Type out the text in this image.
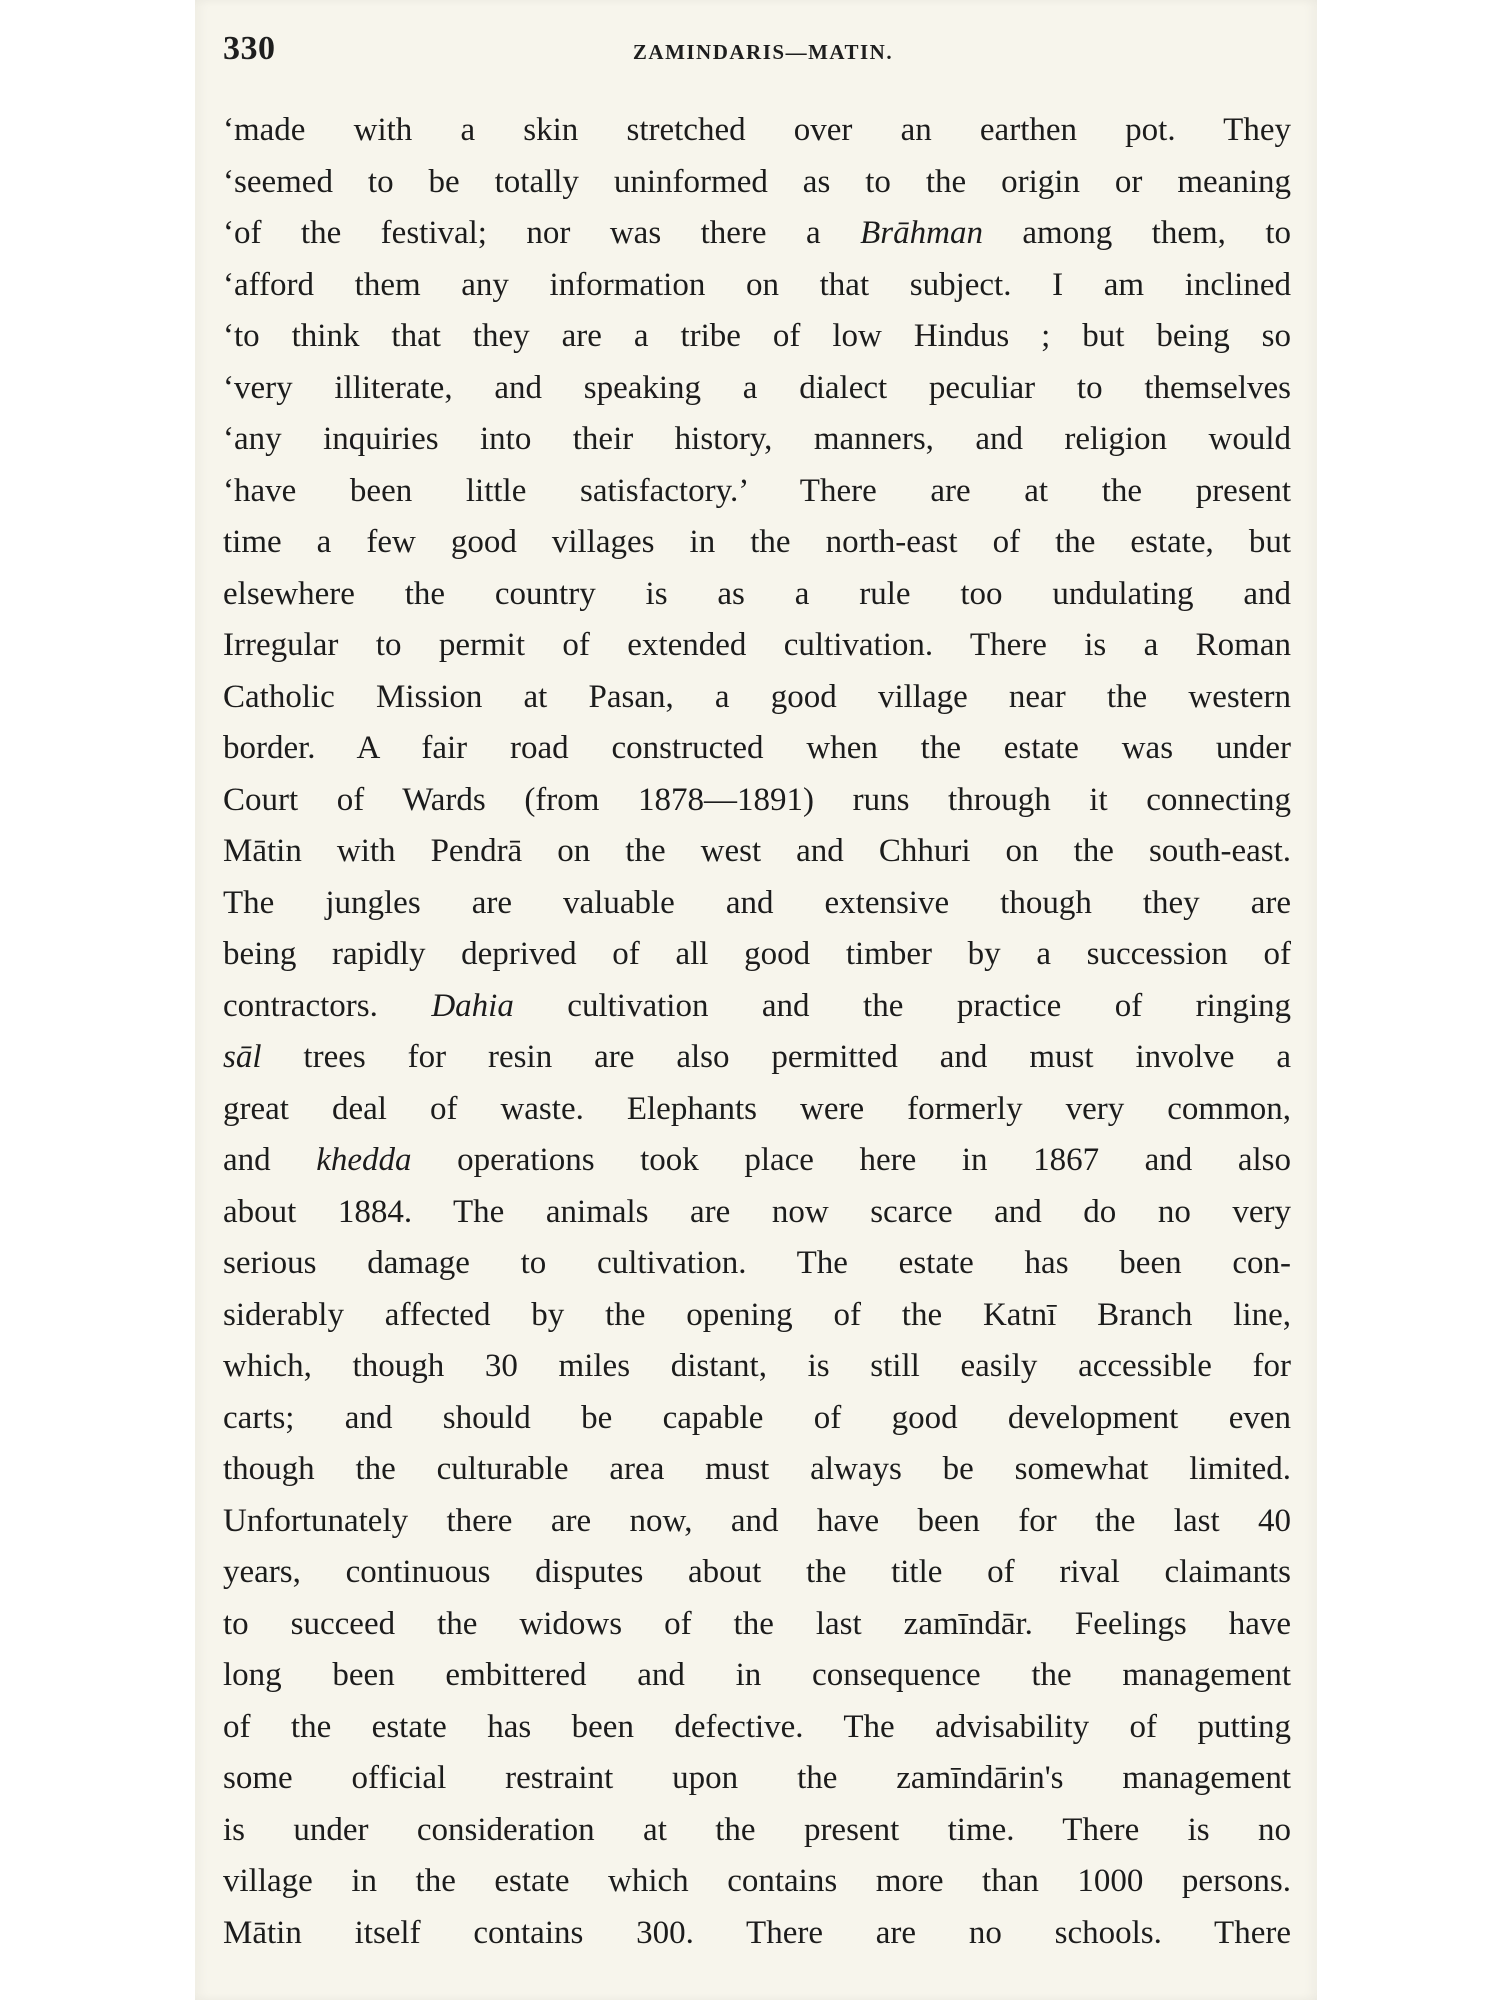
330	ZAMINDARIS—MATIN.
‘made with a skin stretched over an earthen pot. They
‘seemed to be totally uninformed as to the origin or meaning
‘of the festival; nor was there a Brāhman among them, to
‘afford them any information on that subject. I am inclined
‘to think that they are a tribe of low Hindus ; but being so
‘very illiterate, and speaking a dialect peculiar to themselves
‘any inquiries into their history, manners, and religion would
‘have been little satisfactory.’ There are at the present
time a few good villages in the north-east of the estate, but
elsewhere the country is as a rule too undulating and
Irregular to permit of extended cultivation. There is a Roman
Catholic Mission at Pasan, a good village near the western
border. A fair road constructed when the estate was under
Court of Wards (from 1878—1891) runs through it connecting
Mātin with Pendrā on the west and Chhuri on the south-east.
The jungles are valuable and extensive though they are
being rapidly deprived of all good timber by a succession of
contractors. Dahia cultivation and the practice of ringing
sāl trees for resin are also permitted and must involve a
great deal of waste. Elephants were formerly very common,
and khedda operations took place here in 1867 and also
about 1884. The animals are now scarce and do no very
serious damage to cultivation. The estate has been con-
siderably affected by the opening of the Katnī Branch line,
which, though 30 miles distant, is still easily accessible for
carts; and should be capable of good development even
though the culturable area must always be somewhat limited.
Unfortunately there are now, and have been for the last 40
years, continuous disputes about the title of rival claimants
to succeed the widows of the last zamīndār. Feelings have
long been embittered and in consequence the management
of the estate has been defective. The advisability of putting
some official restraint upon the zamīndārin's management
is under consideration at the present time. There is no
village in the estate which contains more than 1000 persons.
Mātin itself contains 300. There are no schools. There
